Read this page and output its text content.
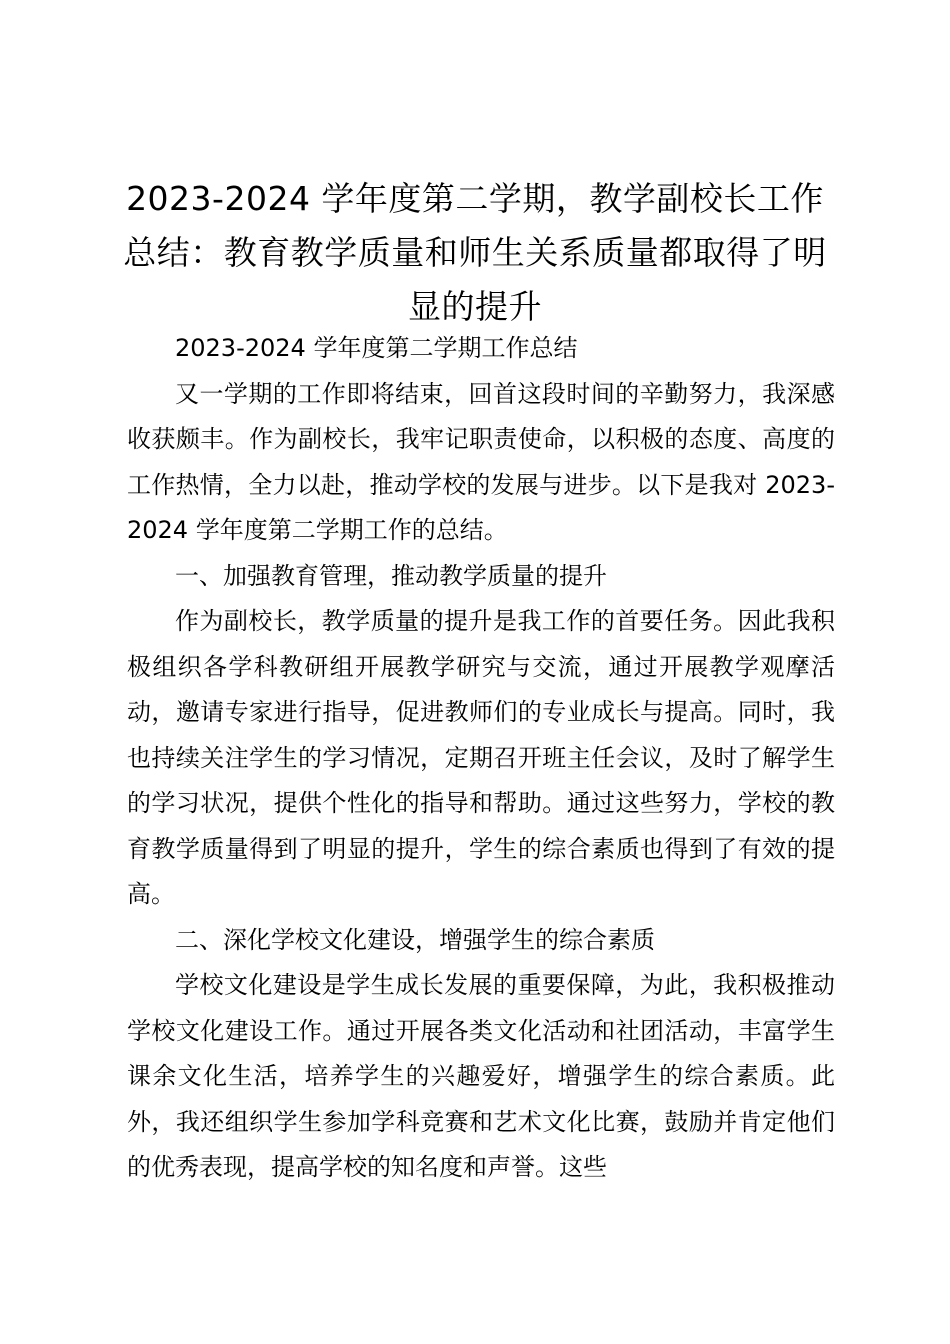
2023-2024 学年度第二学期，教学副校长工作总结：教育教学质量和师生关系质量都取得了明显的提升

2023-2024 学年度第二学期工作总结

又一学期的工作即将结束，回首这段时间的辛勤努力，我深感收获颇丰。作为副校长，我牢记职责使命，以积极的态度、高度的工作热情，全力以赴，推动学校的发展与进步。以下是我对 2023-2024 学年度第二学期工作的总结。

一、加强教育管理，推动教学质量的提升

作为副校长，教学质量的提升是我工作的首要任务。因此我积极组织各学科教研组开展教学研究与交流，通过开展教学观摩活动，邀请专家进行指导，促进教师们的专业成长与提高。同时，我也持续关注学生的学习情况，定期召开班主任会议，及时了解学生的学习状况，提供个性化的指导和帮助。通过这些努力，学校的教育教学质量得到了明显的提升，学生的综合素质也得到了有效的提高。

二、深化学校文化建设，增强学生的综合素质

学校文化建设是学生成长发展的重要保障，为此，我积极推动学校文化建设工作。通过开展各类文化活动和社团活动，丰富学生课余文化生活，培养学生的兴趣爱好，增强学生的综合素质。此外，我还组织学生参加学科竞赛和艺术文化比赛，鼓励并肯定他们的优秀表现，提高学校的知名度和声誉。这些
